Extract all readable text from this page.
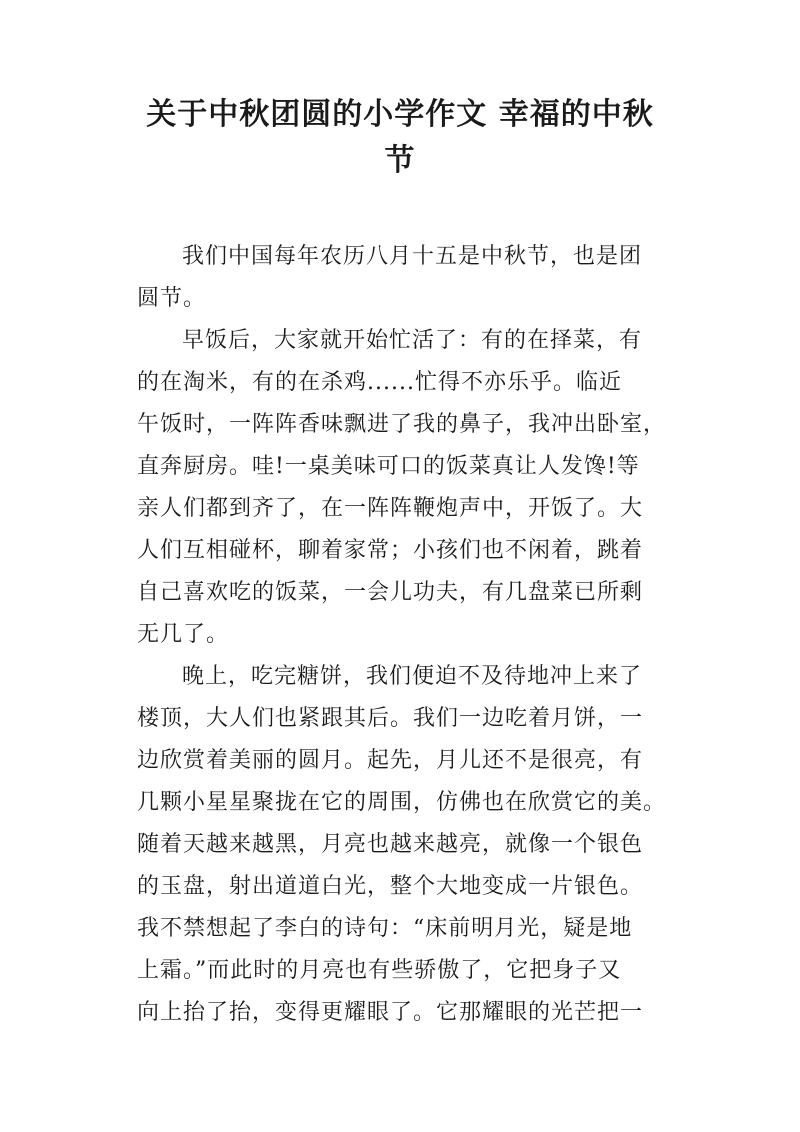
关于中秋团圆的小学作文 幸福的中秋
节
我们中国每年农历八月十五是中秋节，也是团
圆节。
早饭后，大家就开始忙活了：有的在择菜，有
的在淘米，有的在杀鸡......忙得不亦乐乎。临近
午饭时，一阵阵香味飘进了我的鼻子，我冲出卧室，
直奔厨房。哇!一桌美味可口的饭菜真让人发馋!等
亲人们都到齐了，在一阵阵鞭炮声中，开饭了。大
人们互相碰杯，聊着家常；小孩们也不闲着，跳着
自己喜欢吃的饭菜，一会儿功夫，有几盘菜已所剩
无几了。
晚上，吃完糖饼，我们便迫不及待地冲上来了
楼顶，大人们也紧跟其后。我们一边吃着月饼，一
边欣赏着美丽的圆月。起先，月儿还不是很亮，有
几颗小星星聚拢在它的周围，仿佛也在欣赏它的美。
随着天越来越黑，月亮也越来越亮，就像一个银色
的玉盘，射出道道白光，整个大地变成一片银色。
我不禁想起了李白的诗句：“床前明月光，疑是地
上霜。”而此时的月亮也有些骄傲了，它把身子又
向上抬了抬，变得更耀眼了。它那耀眼的光芒把一
